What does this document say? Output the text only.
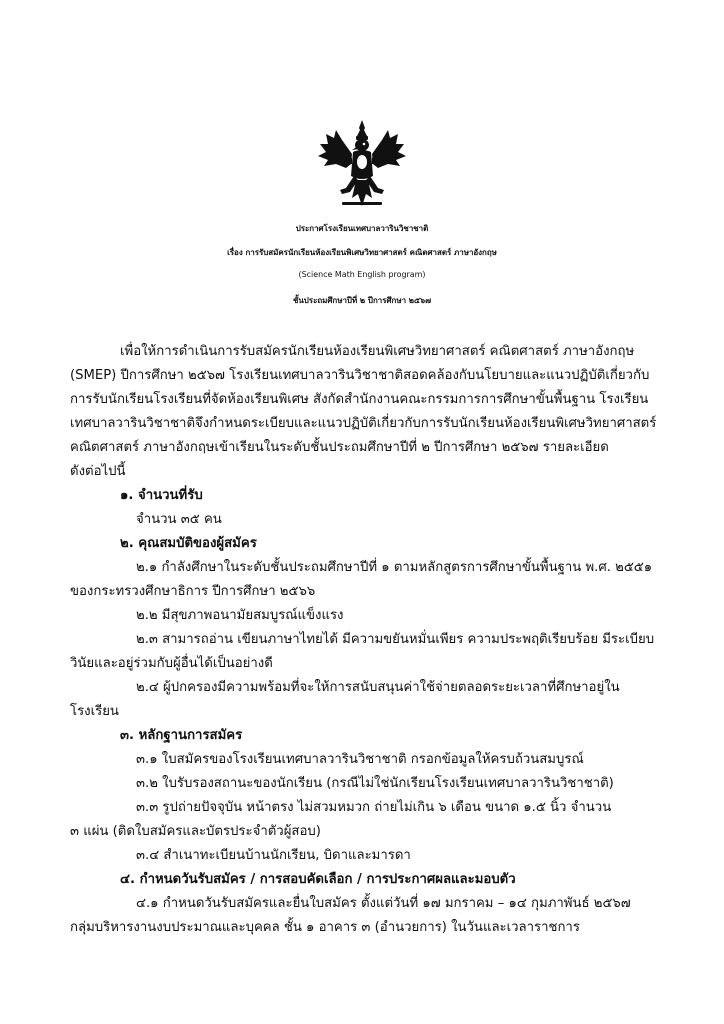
ประกาศโรงเรียนเทศบาลวารินวิชาชาติ
เรื่อง การรับสมัครนักเรียนห้องเรียนพิเศษวิทยาศาสตร์ คณิตศาสตร์ ภาษาอังกฤษ
(Science Math English program)
ชั้นประถมศึกษาปีที่ ๒ ปีการศึกษา ๒๕๖๗
เพื่อให้การดำเนินการรับสมัครนักเรียนห้องเรียนพิเศษวิทยาศาสตร์ คณิตศาสตร์ ภาษาอังกฤษ
(SMEP) ปีการศึกษา ๒๕๖๗ โรงเรียนเทศบาลวารินวิชาชาติสอดคล้องกับนโยบายและแนวปฏิบัติเกี่ยวกับ
การรับนักเรียนโรงเรียนที่จัดห้องเรียนพิเศษ สังกัดสำนักงานคณะกรรมการการศึกษาขั้นพื้นฐาน โรงเรียน
เทศบาลวารินวิชาชาติจึงกำหนดระเบียบและแนวปฏิบัติเกี่ยวกับการรับนักเรียนห้องเรียนพิเศษวิทยาศาสตร์
คณิตศาสตร์ ภาษาอังกฤษเข้าเรียนในระดับชั้นประถมศึกษาปีที่ ๒ ปีการศึกษา ๒๕๖๗ รายละเอียด
ดังต่อไปนี้
๑. จำนวนที่รับ
จำนวน ๓๕ คน
๒. คุณสมบัติของผู้สมัคร
๒.๑ กำลังศึกษาในระดับชั้นประถมศึกษาปีที่ ๑ ตามหลักสูตรการศึกษาขั้นพื้นฐาน พ.ศ. ๒๕๕๑
ของกระทรวงศึกษาธิการ ปีการศึกษา ๒๕๖๖
๒.๒ มีสุขภาพอนามัยสมบูรณ์แข็งแรง
๒.๓ สามารถอ่าน เขียนภาษาไทยได้ มีความขยันหมั่นเพียร ความประพฤติเรียบร้อย มีระเบียบ
วินัยและอยู่ร่วมกับผู้อื่นได้เป็นอย่างดี
๒.๔ ผู้ปกครองมีความพร้อมที่จะให้การสนับสนุนค่าใช้จ่ายตลอดระยะเวลาที่ศึกษาอยู่ใน
โรงเรียน
๓. หลักฐานการสมัคร
๓.๑ ใบสมัครของโรงเรียนเทศบาลวารินวิชาชาติ กรอกข้อมูลให้ครบถ้วนสมบูรณ์
๓.๒ ใบรับรองสถานะของนักเรียน (กรณีไม่ใช่นักเรียนโรงเรียนเทศบาลวารินวิชาชาติ)
๓.๓ รูปถ่ายปัจจุบัน หน้าตรง ไม่สวมหมวก ถ่ายไม่เกิน ๖ เดือน ขนาด ๑.๕ นิ้ว จำนวน
๓ แผ่น (ติดใบสมัครและบัตรประจำตัวผู้สอบ)
๓.๔ สำเนาทะเบียนบ้านนักเรียน, บิดาและมารดา
๔. กำหนดวันรับสมัคร / การสอบคัดเลือก / การประกาศผลและมอบตัว
๔.๑ กำหนดวันรับสมัครและยื่นใบสมัคร ตั้งแต่วันที่ ๑๗ มกราคม – ๑๔ กุมภาพันธ์ ๒๕๖๗
กลุ่มบริหารงานงบประมาณและบุคคล ชั้น ๑ อาคาร ๓ (อำนวยการ) ในวันและเวลาราชการ
